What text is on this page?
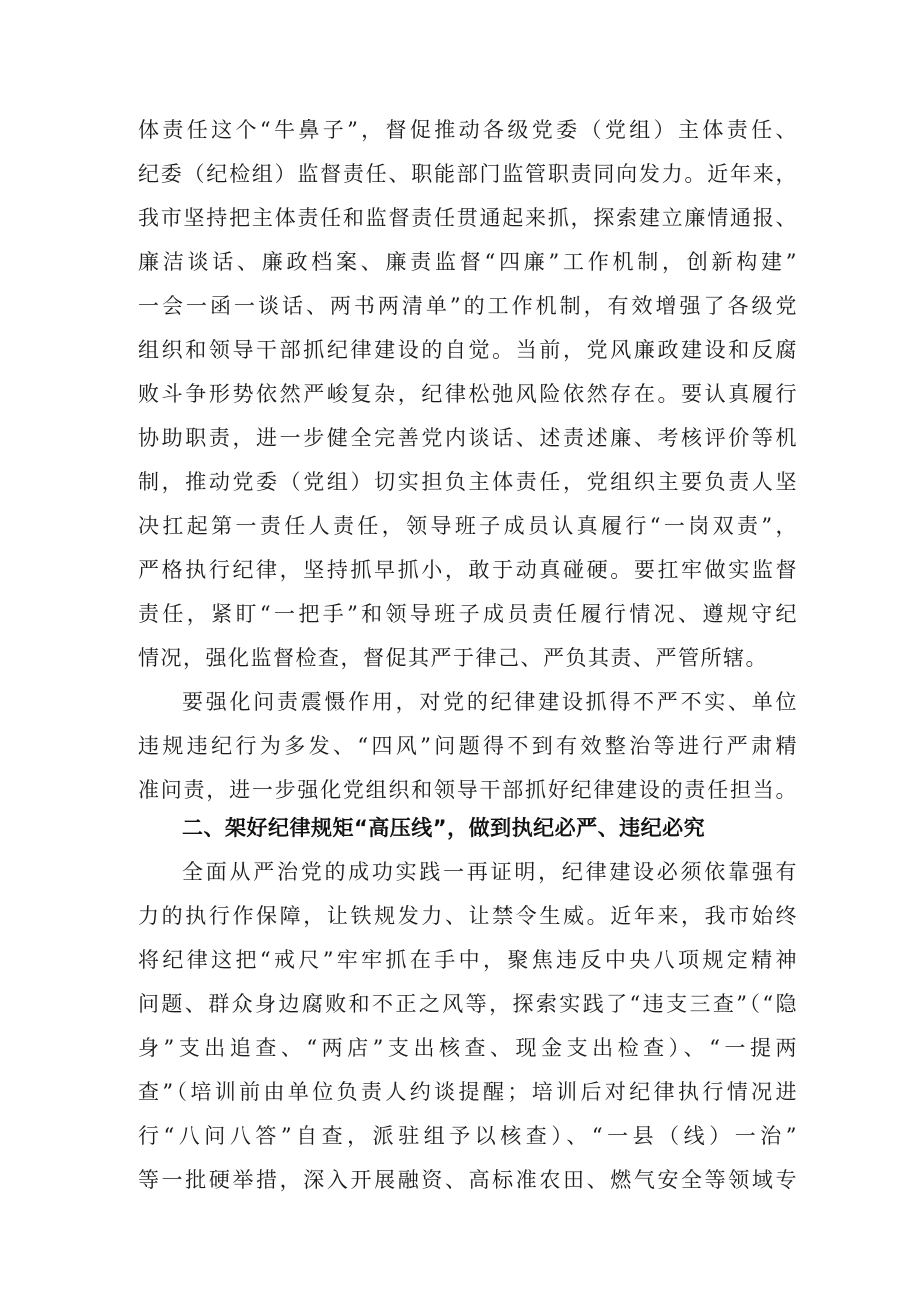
体责任这个“牛鼻子”，督促推动各级党委（党组）主体责任、
纪委（纪检组）监督责任、职能部门监管职责同向发力。近年来，
我市坚持把主体责任和监督责任贯通起来抓，探索建立廉情通报、
廉洁谈话、廉政档案、廉责监督“四廉”工作机制，创新构建”
一会一函一谈话、两书两清单”的工作机制，有效增强了各级党
组织和领导干部抓纪律建设的自觉。当前，党风廉政建设和反腐
败斗争形势依然严峻复杂，纪律松弛风险依然存在。要认真履行
协助职责，进一步健全完善党内谈话、述责述廉、考核评价等机
制，推动党委（党组）切实担负主体责任，党组织主要负责人坚
决扛起第一责任人责任，领导班子成员认真履行“一岗双责”，
严格执行纪律，坚持抓早抓小，敢于动真碰硬。要扛牢做实监督
责任，紧盯“一把手”和领导班子成员责任履行情况、遵规守纪
情况，强化监督检查，督促其严于律己、严负其责、严管所辖。
要强化问责震慑作用，对党的纪律建设抓得不严不实、单位
违规违纪行为多发、“四风”问题得不到有效整治等进行严肃精
准问责，进一步强化党组织和领导干部抓好纪律建设的责任担当。
二、架好纪律规矩“高压线”，做到执纪必严、违纪必究
全面从严治党的成功实践一再证明，纪律建设必须依靠强有
力的执行作保障，让铁规发力、让禁令生威。近年来，我市始终
将纪律这把“戒尺”牢牢抓在手中，聚焦违反中央八项规定精神
问题、群众身边腐败和不正之风等，探索实践了“违支三查”（“隐
身”支出追查、“两店”支出核查、现金支出检查）、“一提两
查”（培训前由单位负责人约谈提醒；培训后对纪律执行情况进
行“八问八答”自查，派驻组予以核查）、“一县（线）一治”
等一批硬举措，深入开展融资、高标准农田、燃气安全等领域专
